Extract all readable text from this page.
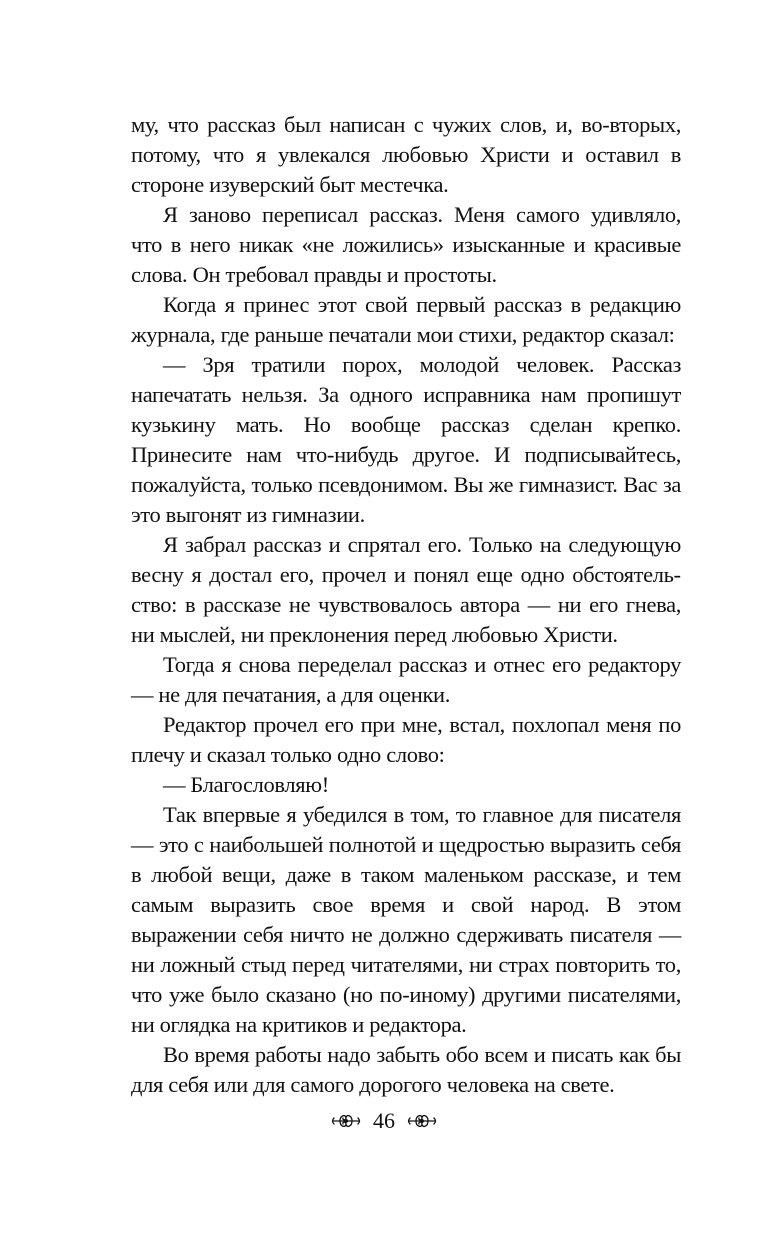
му, что рассказ был написан с чужих слов, и, во-вторых, потому, что я увлекался любовью Христи и оставил в стороне изуверский быт местечка.

Я заново переписал рассказ. Меня самого удивляло, что в него никак «не ложились» изысканные и красивые слова. Он требовал правды и простоты.

Когда я принес этот свой первый рассказ в редакцию журнала, где раньше печатали мои стихи, редактор сказал:

— Зря тратили порох, молодой человек. Рассказ напечатать нельзя. За одного исправника нам пропишут кузькину мать. Но вообще рассказ сделан крепко. Принесите нам что-нибудь другое. И подписывайтесь, пожалуйста, только псевдонимом. Вы же гимназист. Вас за это выгонят из гимназии.

Я забрал рассказ и спрятал его. Только на следующую весну я достал его, прочел и понял еще одно обстоятельство: в рассказе не чувствовалось автора — ни его гнева, ни мыслей, ни преклонения перед любовью Христи.

Тогда я снова переделал рассказ и отнес его редактору — не для печатания, а для оценки.

Редактор прочел его при мне, встал, похлопал меня по плечу и сказал только одно слово:

— Благословляю!

Так впервые я убедился в том, то главное для писателя — это с наибольшей полнотой и щедростью выразить себя в любой вещи, даже в таком маленьком рассказе, и тем самым выразить свое время и свой народ. В этом выражении себя ничто не должно сдерживать писателя — ни ложный стыд перед читателями, ни страх повторить то, что уже было сказано (но по-иному) другими писателями, ни оглядка на критиков и редактора.

Во время работы надо забыть обо всем и писать как бы для себя или для самого дорогого человека на свете.

46
